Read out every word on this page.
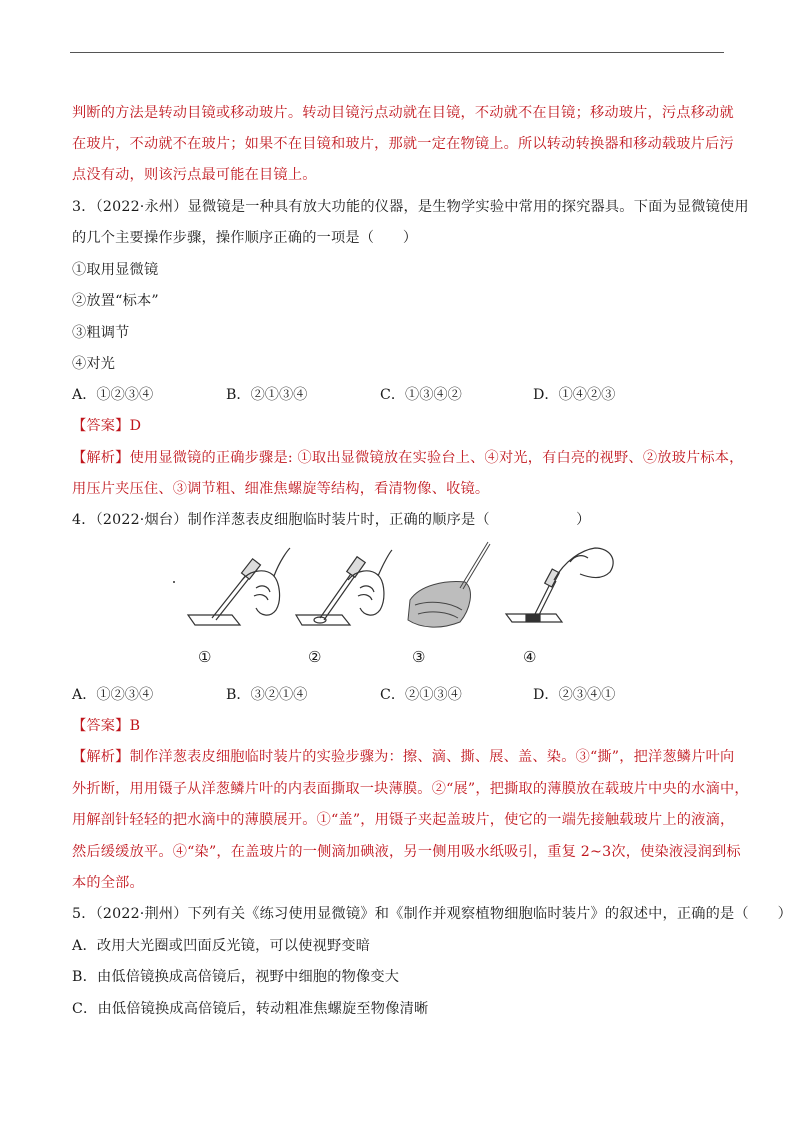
判断的方法是转动目镜或移动玻片。转动目镜污点动就在目镜，不动就不在目镜；移动玻片，污点移动就
在玻片，不动就不在玻片；如果不在目镜和玻片，那就一定在物镜上。所以转动转换器和移动载玻片后污
点没有动，则该污点最可能在目镜上。
3．（2022·永州）显微镜是一种具有放大功能的仪器，是生物学实验中常用的探究器具。下面为显微镜使用
的几个主要操作步骤，操作顺序正确的一项是（　　）
①取用显微镜
②放置“标本”
③粗调节
④对光
A．①②③④	B．②①③④	C．①③④②	D．①④②③
【答案】D
【解析】使用显微镜的正确步骤是: ①取出显微镜放在实验台上、④对光，有白亮的视野、②放玻片标本，
用压片夹压住、③调节粗、细准焦螺旋等结构，看清物像、收镜。
4．（2022·烟台）制作洋葱表皮细胞临时装片时，正确的顺序是（　　　　　　）
①	②	③	④
A．①②③④	B．③②①④	C．②①③④	D．②③④①
【答案】B
【解析】制作洋葱表皮细胞临时装片的实验步骤为：擦、滴、撕、展、盖、染。③“撕”，把洋葱鳞片叶向
外折断，用用镊子从洋葱鳞片叶的内表面撕取一块薄膜。②“展”，把撕取的薄膜放在载玻片中央的水滴中，
用解剖针轻轻的把水滴中的薄膜展开。①“盖”，用镊子夹起盖玻片，使它的一端先接触载玻片上的液滴，
然后缓缓放平。④“染”，在盖玻片的一侧滴加碘液，另一侧用吸水纸吸引，重复 2~3次，使染液浸润到标
本的全部。
5．（2022·荆州）下列有关《练习使用显微镜》和《制作并观察植物细胞临时装片》的叙述中，正确的是（　　）
A．改用大光圈或凹面反光镜，可以使视野变暗
B．由低倍镜换成高倍镜后，视野中细胞的物像变大
C．由低倍镜换成高倍镜后，转动粗准焦螺旋至物像清晰
